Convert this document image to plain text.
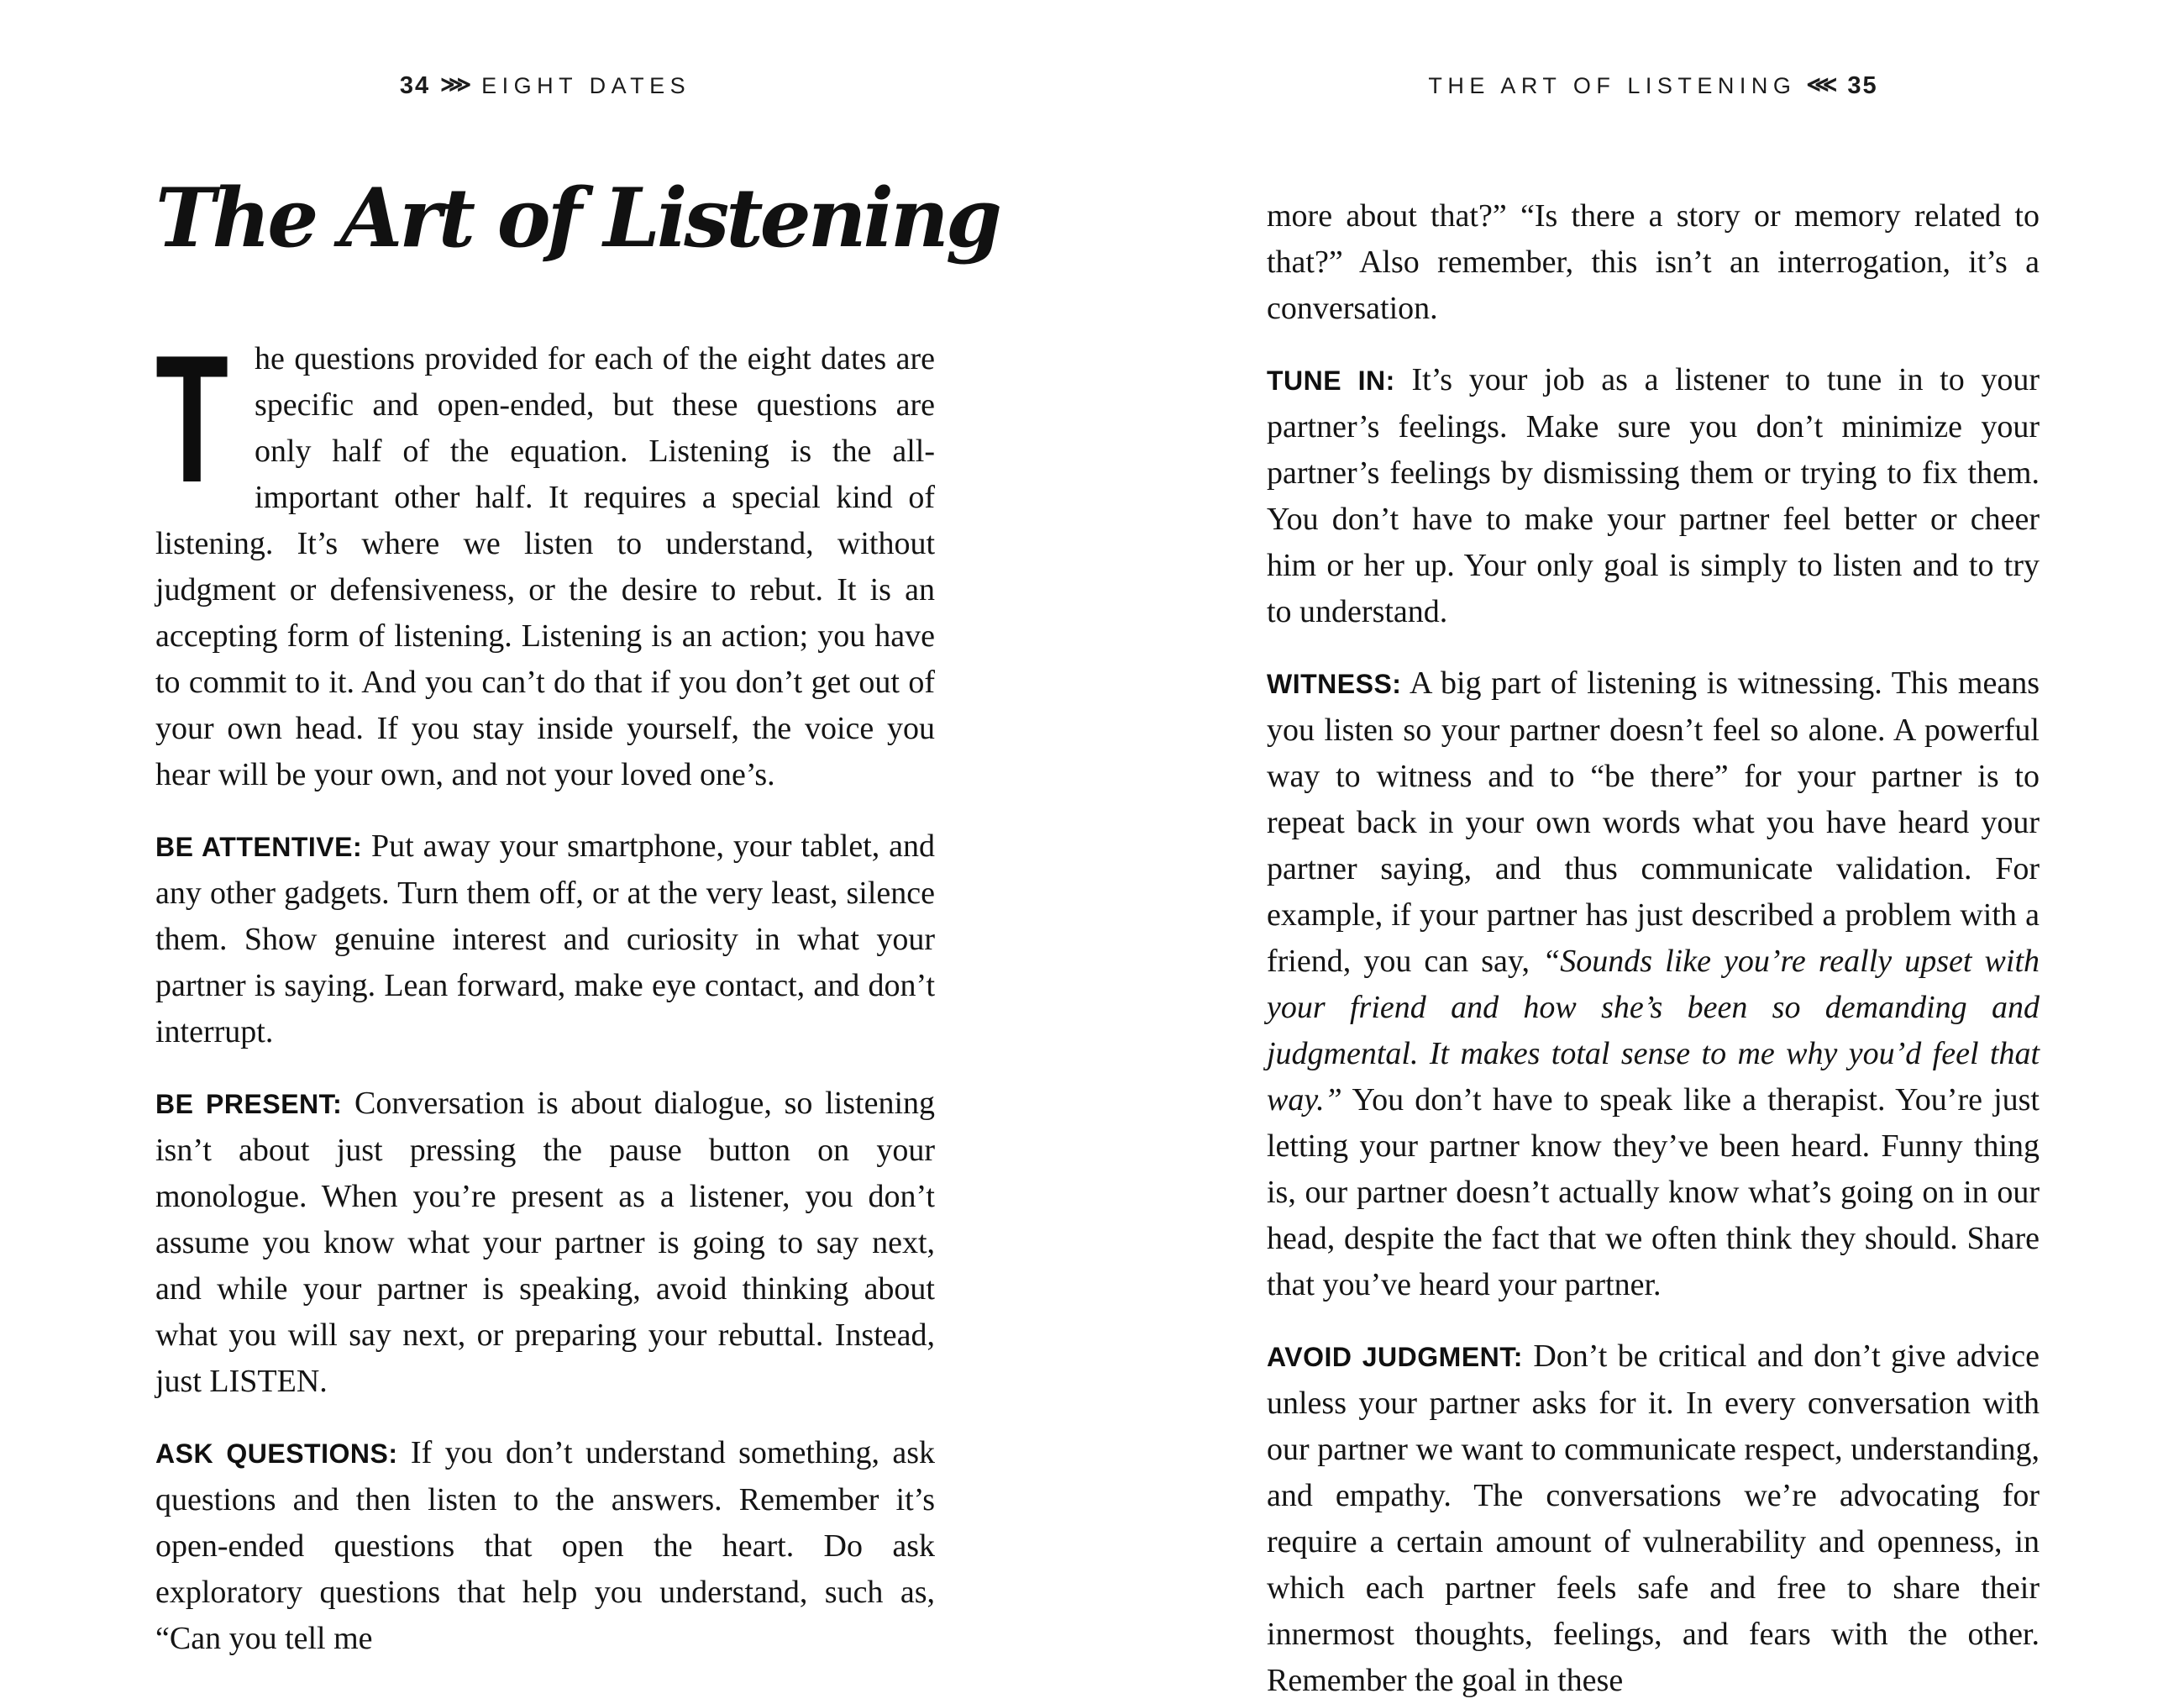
34 ⋙ EIGHT DATES
The Art of Listening

T he questions provided for each of the eight dates are specific and open-ended, but these questions are only half of the equation. Listening is the all-important other half. It requires a special kind of listening. It’s where we listen to understand, without judgment or defensiveness, or the desire to rebut. It is an accepting form of listening. Listening is an action; you have to commit to it. And you can’t do that if you don’t get out of your own head. If you stay inside yourself, the voice you hear will be your own, and not your loved one’s.

BE ATTENTIVE: Put away your smartphone, your tablet, and any other gadgets. Turn them off, or at the very least, silence them. Show genuine interest and curiosity in what your partner is saying. Lean forward, make eye contact, and don’t interrupt.

BE PRESENT: Conversation is about dialogue, so listening isn’t about just pressing the pause button on your monologue. When you’re present as a listener, you don’t assume you know what your partner is going to say next, and while your partner is speaking, avoid thinking about what you will say next, or preparing your rebuttal. Instead, just LISTEN.

ASK QUESTIONS: If you don’t understand something, ask questions and then listen to the answers. Remember it’s open-ended questions that open the heart. Do ask exploratory questions that help you understand, such as, “Can you tell me

THE ART OF LISTENING ⋘ 35

more about that?” “Is there a story or memory related to that?” Also remember, this isn’t an interrogation, it’s a conversation.

TUNE IN: It’s your job as a listener to tune in to your partner’s feelings. Make sure you don’t minimize your partner’s feelings by dismissing them or trying to fix them. You don’t have to make your partner feel better or cheer him or her up. Your only goal is simply to listen and to try to understand.

WITNESS: A big part of listening is witnessing. This means you listen so your partner doesn’t feel so alone. A powerful way to witness and to “be there” for your partner is to repeat back in your own words what you have heard your partner saying, and thus communicate validation. For example, if your partner has just described a problem with a friend, you can say, “Sounds like you’re really upset with your friend and how she’s been so demanding and judgmental. It makes total sense to me why you’d feel that way.” You don’t have to speak like a therapist. You’re just letting your partner know they’ve been heard. Funny thing is, our partner doesn’t actually know what’s going on in our head, despite the fact that we often think they should. Share that you’ve heard your partner.

AVOID JUDGMENT: Don’t be critical and don’t give advice unless your partner asks for it. In every conversation with our partner we want to communicate respect, understanding, and empathy. The conversations we’re advocating for require a certain amount of vulnerability and openness, in which each partner feels safe and free to share their innermost thoughts, feelings, and fears with the other. Remember the goal in these
